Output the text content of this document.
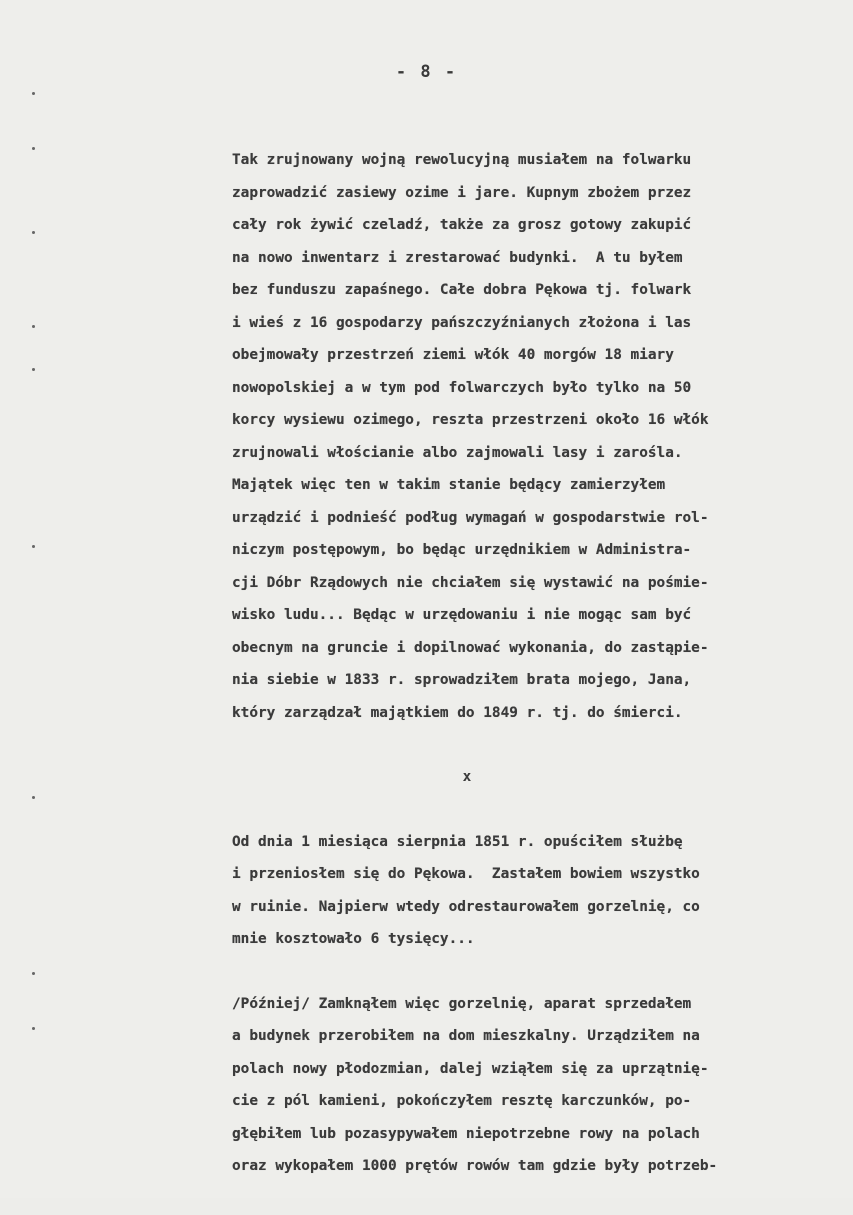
- 8 -

Tak zrujnowany wojną rewolucyjną musiałem na folwarku
zaprowadzić zasiewy ozime i jare. Kupnym zbożem przez
cały rok żywić czeladź, także za grosz gotowy zakupić
na nowo inwentarz i zrestarować budynki.  A tu byłem
bez funduszu zapaśnego. Całe dobra Pękowa tj. folwark
i wieś z 16 gospodarzy pańszczyźnianych złożona i las
obejmowały przestrzeń ziemi włók 40 morgów 18 miary
nowopolskiej a w tym pod folwarczych było tylko na 50
korcy wysiewu ozimego, reszta przestrzeni około 16 włók
zrujnowali włościanie albo zajmowali lasy i zarośla.
Majątek więc ten w takim stanie będący zamierzyłem
urządzić i podnieść podług wymagań w gospodarstwie rol-
niczym postępowym, bo będąc urzędnikiem w Administra-
cji Dóbr Rządowych nie chciałem się wystawić na pośmie-
wisko ludu... Będąc w urzędowaniu i nie mogąc sam być
obecnym na gruncie i dopilnować wykonania, do zastąpie-
nia siebie w 1833 r. sprowadziłem brata mojego, Jana,
który zarządzał majątkiem do 1849 r. tj. do śmierci.

x

Od dnia 1 miesiąca sierpnia 1851 r. opuściłem służbę
i przeniosłem się do Pękowa.  Zastałem bowiem wszystko
w ruinie. Najpierw wtedy odrestaurowałem gorzelnię, co
mnie kosztowało 6 tysięcy...

/Później/ Zamknąłem więc gorzelnię, aparat sprzedałem
a budynek przerobiłem na dom mieszkalny. Urządziłem na
polach nowy płodozmian, dalej wziąłem się za uprzątnię-
cie z pól kamieni, pokończyłem resztę karczunków, po-
głębiłem lub pozasypywałem niepotrzebne rowy na polach
oraz wykopałem 1000 prętów rowów tam gdzie były potrzeb-
